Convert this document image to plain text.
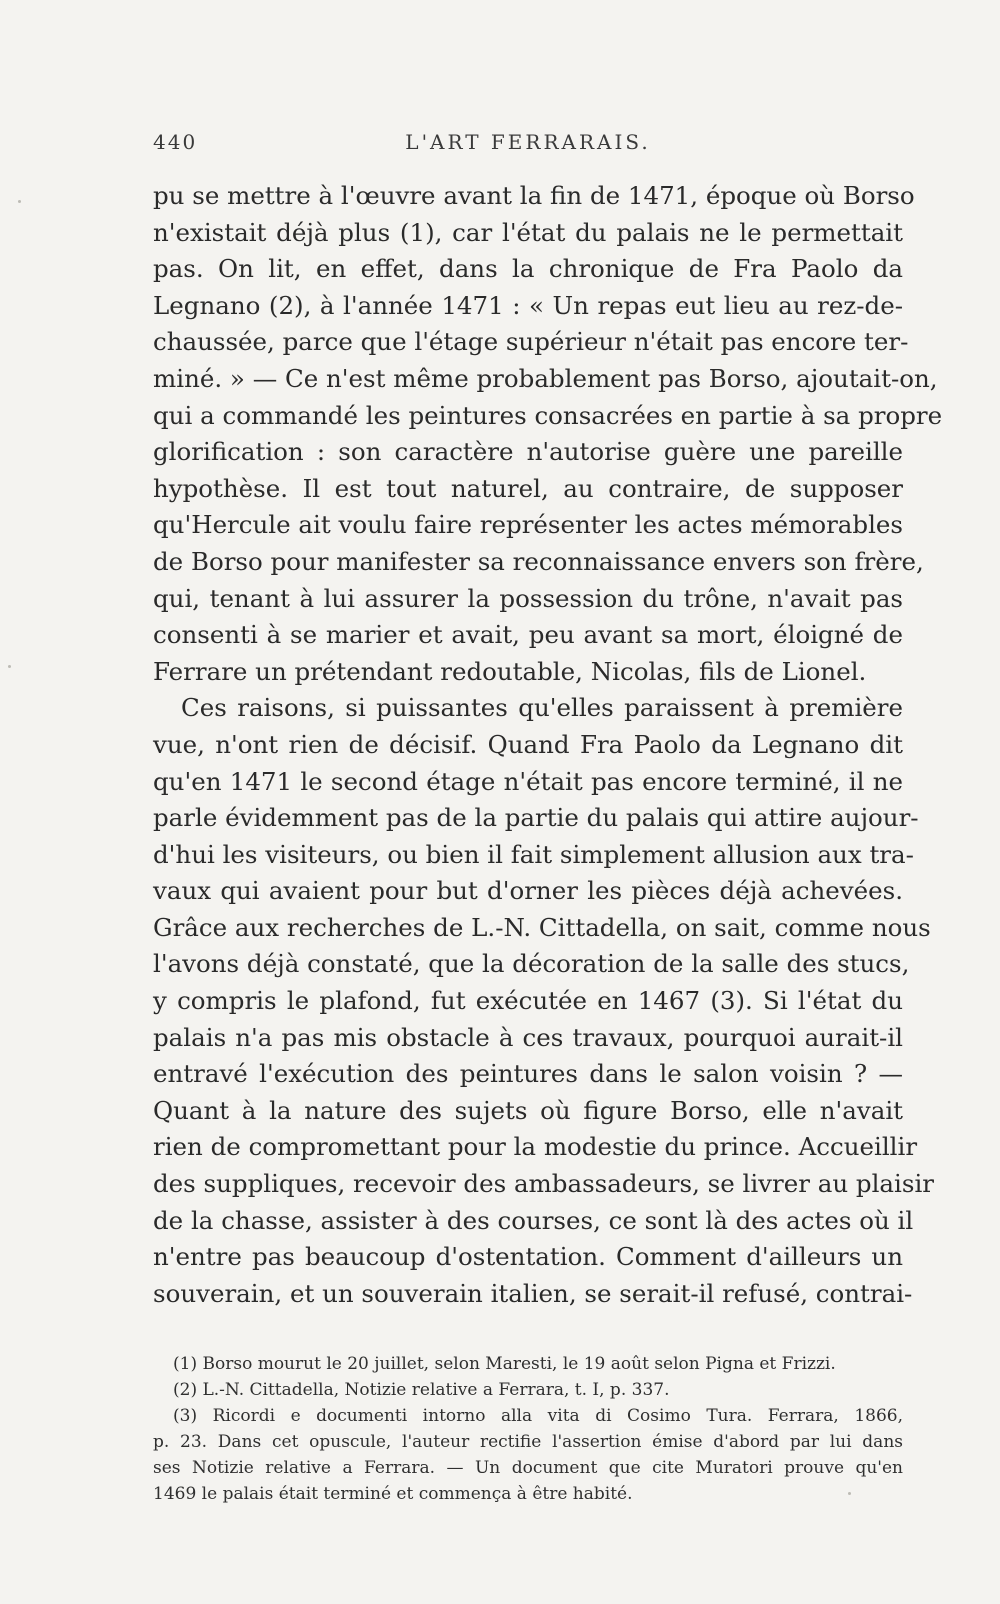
440	L'ART FERRARAIS.
pu se mettre à l'œuvre avant la fin de 1471, époque où Borso
n'existait déjà plus (1), car l'état du palais ne le permettait
pas. On lit, en effet, dans la chronique de Fra Paolo da
Legnano (2), à l'année 1471 : « Un repas eut lieu au rez-de-
chaussée, parce que l'étage supérieur n'était pas encore ter-
miné. » — Ce n'est même probablement pas Borso, ajoutait-on,
qui a commandé les peintures consacrées en partie à sa propre
glorification : son caractère n'autorise guère une pareille
hypothèse. Il est tout naturel, au contraire, de supposer
qu'Hercule ait voulu faire représenter les actes mémorables
de Borso pour manifester sa reconnaissance envers son frère,
qui, tenant à lui assurer la possession du trône, n'avait pas
consenti à se marier et avait, peu avant sa mort, éloigné de
Ferrare un prétendant redoutable, Nicolas, fils de Lionel.
Ces raisons, si puissantes qu'elles paraissent à première
vue, n'ont rien de décisif. Quand Fra Paolo da Legnano dit
qu'en 1471 le second étage n'était pas encore terminé, il ne
parle évidemment pas de la partie du palais qui attire aujour-
d'hui les visiteurs, ou bien il fait simplement allusion aux tra-
vaux qui avaient pour but d'orner les pièces déjà achevées.
Grâce aux recherches de L.-N. Cittadella, on sait, comme nous
l'avons déjà constaté, que la décoration de la salle des stucs,
y compris le plafond, fut exécutée en 1467 (3). Si l'état du
palais n'a pas mis obstacle à ces travaux, pourquoi aurait-il
entravé l'exécution des peintures dans le salon voisin ? —
Quant à la nature des sujets où figure Borso, elle n'avait
rien de compromettant pour la modestie du prince. Accueillir
des suppliques, recevoir des ambassadeurs, se livrer au plaisir
de la chasse, assister à des courses, ce sont là des actes où il
n'entre pas beaucoup d'ostentation. Comment d'ailleurs un
souverain, et un souverain italien, se serait-il refusé, contrai-
(1) Borso mourut le 20 juillet, selon Maresti, le 19 août selon Pigna et Frizzi.
(2) L.-N. Cittadella, Notizie relative a Ferrara, t. I, p. 337.
(3) Ricordi e documenti intorno alla vita di Cosimo Tura. Ferrara, 1866,
p. 23. Dans cet opuscule, l'auteur rectifie l'assertion émise d'abord par lui dans
ses Notizie relative a Ferrara. — Un document que cite Muratori prouve qu'en
1469 le palais était terminé et commença à être habité.
